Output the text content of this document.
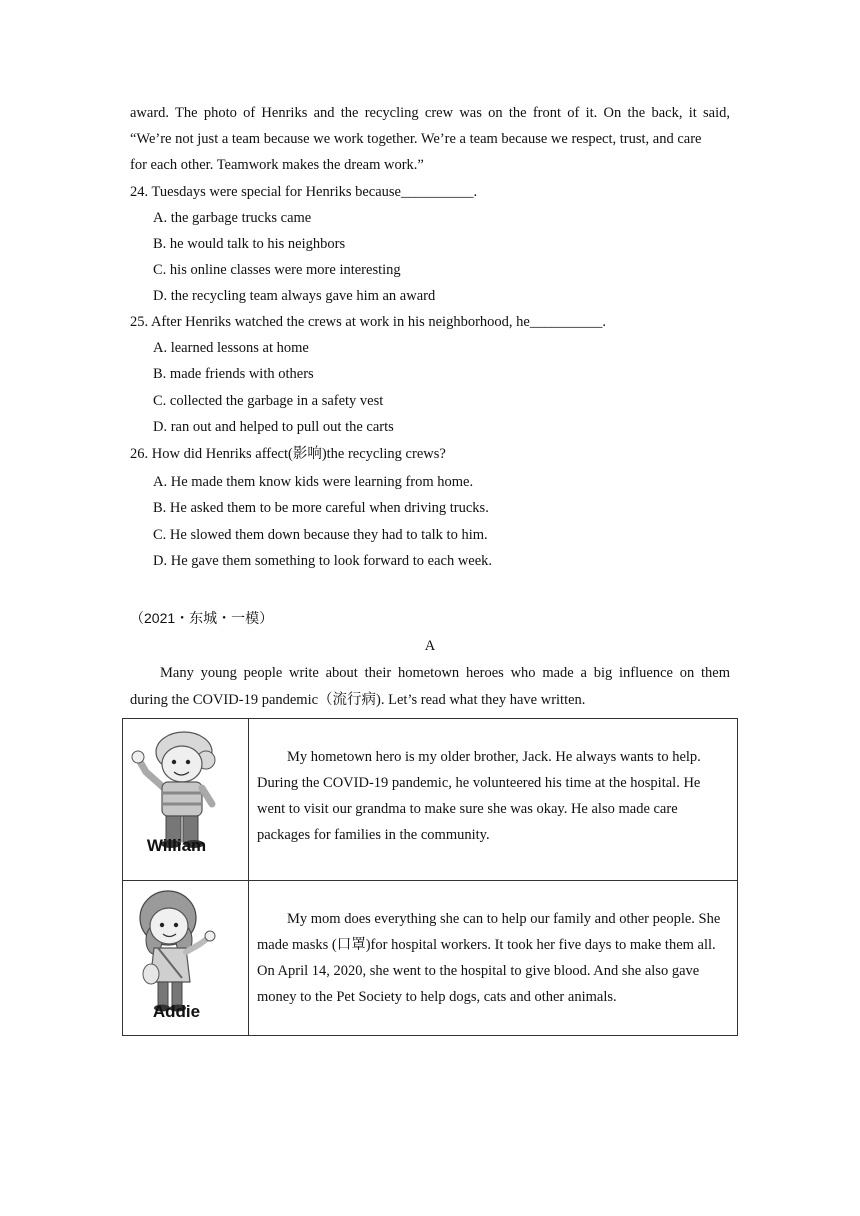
award. The photo of Henriks and the recycling crew was on the front of it. On the back, it said,
“We’re not just a team because we work together. We’re a team because we respect, trust, and care
for each other. Teamwork makes the dream work.”
24. Tuesdays were special for Henriks because__________.
A. the garbage trucks came
B. he would talk to his neighbors
C. his online classes were more interesting
D. the recycling team always gave him an award
25. After Henriks watched the crews at work in his neighborhood, he__________.
A. learned lessons at home
B. made friends with others
C. collected the garbage in a safety vest
D. ran out and helped to pull out the carts
26. How did Henriks affect(影响)the recycling crews?
A. He made them know kids were learning from home.
B. He asked them to be more careful when driving trucks.
C. He slowed them down because they had to talk to him.
D. He gave them something to look forward to each week.
（2021・东城・一模）
A
Many young people write about their hometown heroes who made a big influence on them
during the COVID-19 pandemic（流行病). Let’s read what they have written.
William	My hometown hero is my older brother, Jack. He always wants to help. During the COVID-19 pandemic, he volunteered his time at the hospital. He went to visit our grandma to make sure she was okay. He also made care packages for families in the community.

Addie	My mom does everything she can to help our family and other people. She made masks (口罩)for hospital workers. It took her five days to make them all. On April 14, 2020, she went to the hospital to give blood. And she also gave money to the Pet Society to help dogs, cats and other animals.
